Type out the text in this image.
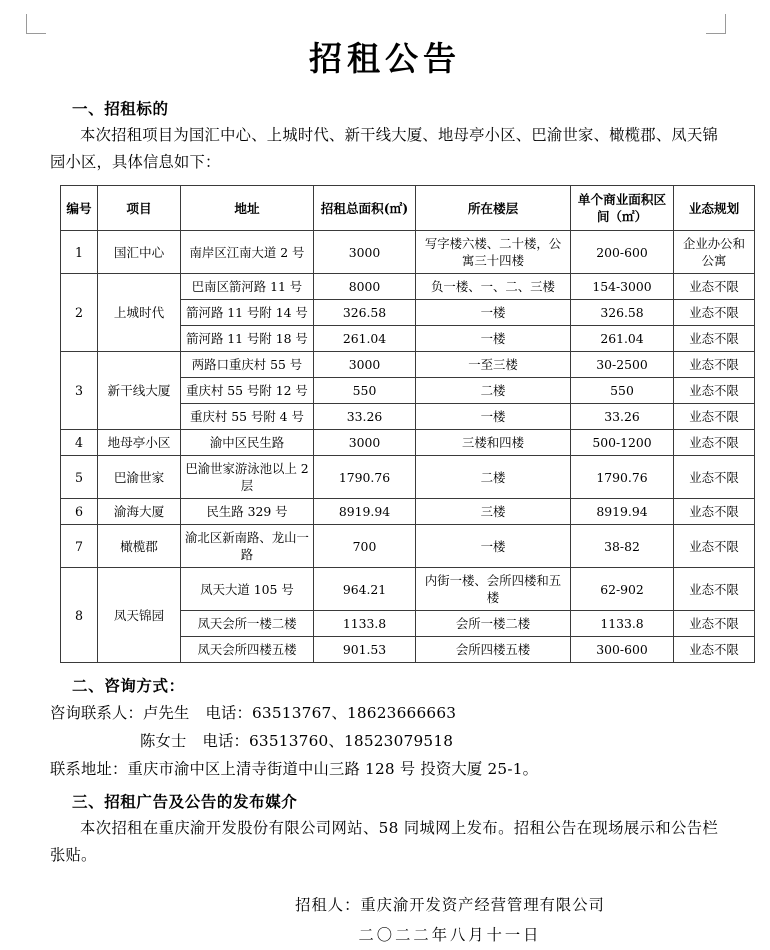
招租公告

一、招租标的

本次招租项目为国汇中心、上城时代、新干线大厦、地母亭小区、巴渝世家、橄榄郡、凤天锦园小区，具体信息如下：

编号	项目	地址	招租总面积(㎡)	所在楼层	单个商业面积区间（㎡）	业态规划
1	国汇中心	南岸区江南大道 2 号	3000	写字楼六楼、二十楼，公寓三十四楼	200-600	企业办公和公寓
2	上城时代	巴南区箭河路 11 号	8000	负一楼、一、二、三楼	154-3000	业态不限
		箭河路 11 号附 14 号	326.58	一楼	326.58	业态不限
		箭河路 11 号附 18 号	261.04	一楼	261.04	业态不限
3	新干线大厦	两路口重庆村 55 号	3000	一至三楼	30-2500	业态不限
		重庆村 55 号附 12 号	550	二楼	550	业态不限
		重庆村 55 号附 4 号	33.26	一楼	33.26	业态不限
4	地母亭小区	渝中区民生路	3000	三楼和四楼	500-1200	业态不限
5	巴渝世家	巴渝世家游泳池以上 2 层	1790.76	二楼	1790.76	业态不限
6	渝海大厦	民生路 329 号	8919.94	三楼	8919.94	业态不限
7	橄榄郡	渝北区新南路、龙山一路	700	一楼	38-82	业态不限
8	凤天锦园	凤天大道 105 号	964.21	内街一楼、会所四楼和五楼	62-902	业态不限
		凤天会所一楼二楼	1133.8	会所一楼二楼	1133.8	业态不限
		凤天会所四楼五楼	901.53	会所四楼五楼	300-600	业态不限

二、咨询方式：

咨询联系人：卢先生 电话：63513767、18623666663

陈女士 电话：63513760、18523079518

联系地址：重庆市渝中区上清寺街道中山三路 128 号 投资大厦 25-1。

三、招租广告及公告的发布媒介

本次招租在重庆渝开发股份有限公司网站、58 同城网上发布。招租公告在现场展示和公告栏张贴。

招租人：重庆渝开发资产经营管理有限公司
二〇二二年八月十一日
